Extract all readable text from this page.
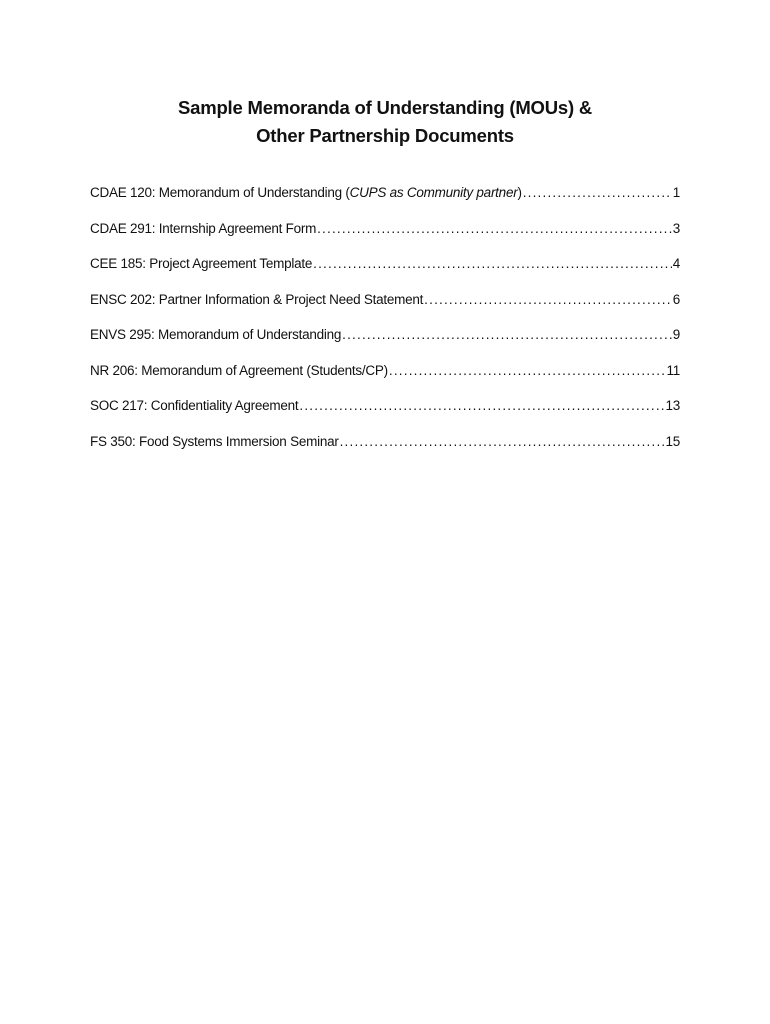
Sample Memoranda of Understanding (MOUs) &
Other Partnership Documents
CDAE 120: Memorandum of Understanding (CUPS as Community partner) .....	1
CDAE 291: Internship Agreement Form .....	3
CEE 185: Project Agreement Template .....	4
ENSC 202: Partner Information & Project Need Statement .....	6
ENVS 295: Memorandum of Understanding .....	9
NR 206: Memorandum of Agreement (Students/CP) .....	11
SOC 217: Confidentiality Agreement .....	13
FS 350: Food Systems Immersion Seminar .....	15
